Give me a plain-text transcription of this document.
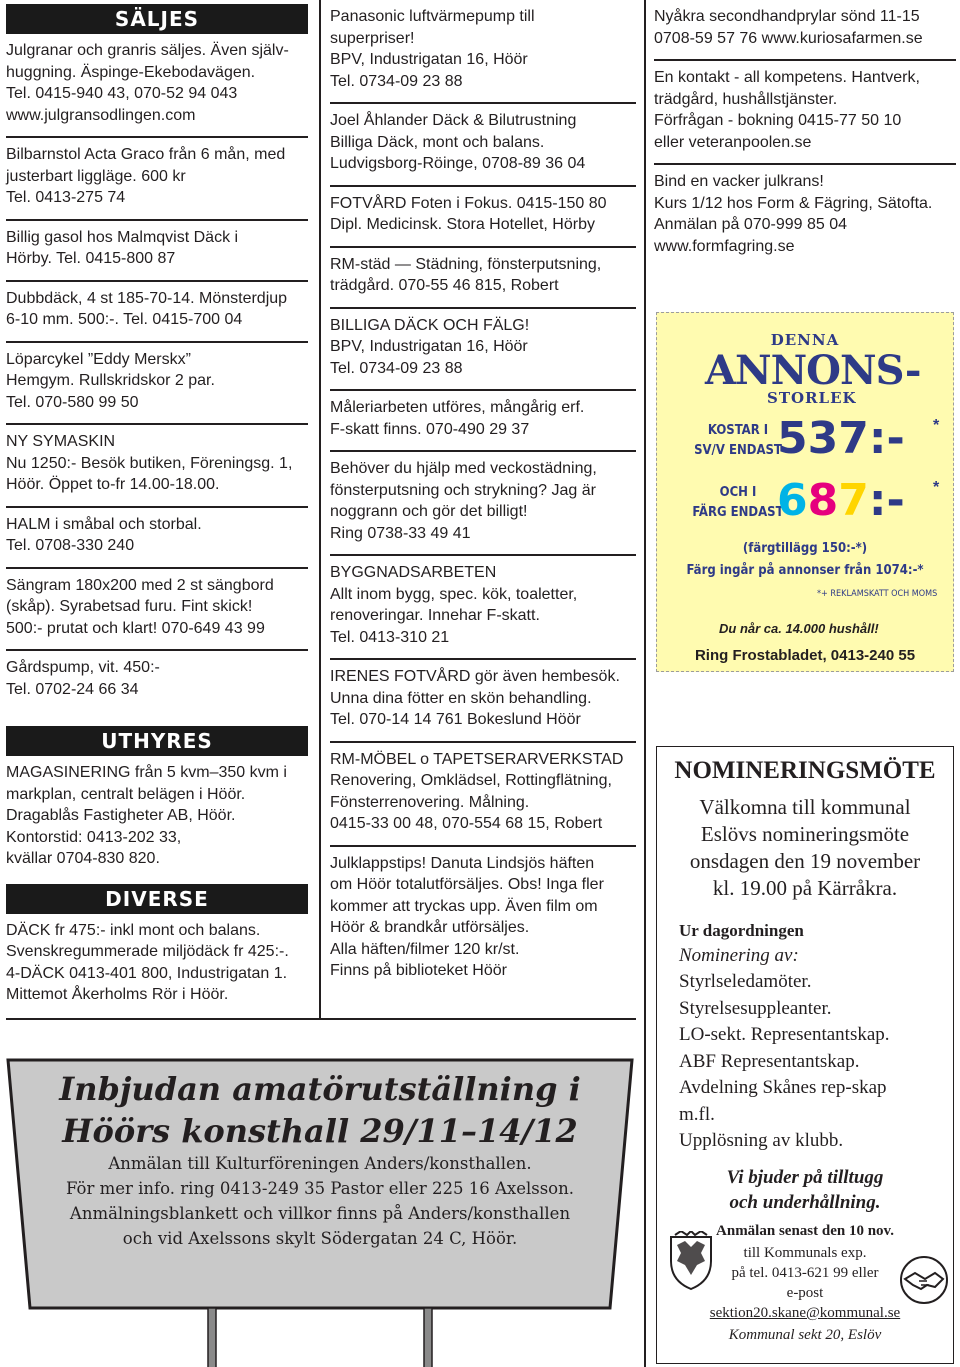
SÄLJES
Julgranar och granris säljes. Även själv-
huggning. Äspinge-Ekebodavägen.
Tel. 0415-940 43, 070-52 94 043
www.julgransodlingen.com
Bilbarnstol Acta Graco från 6 mån, med
justerbart liggläge. 600 kr
Tel. 0413-275 74
Billig gasol hos Malmqvist Däck i
Hörby. Tel. 0415-800 87
Dubbdäck, 4 st 185-70-14. Mönsterdjup
6-10 mm. 500:-. Tel. 0415-700 04
Löparcykel ”Eddy Merskx”
Hemgym. Rullskridskor 2 par.
Tel. 070-580 99 50
NY SYMASKIN
Nu 1250:- Besök butiken, Föreningsg. 1,
Höör. Öppet to-fr 14.00-18.00.
HALM i småbal och storbal.
Tel. 0708-330 240
Sängram 180x200 med 2 st sängbord
(skåp). Syrabetsad furu. Fint skick!
500:- prutat och klart! 070-649 43 99
Gårdspump, vit. 450:-
Tel. 0702-24 66 34
UTHYRES
MAGASINERING från 5 kvm–350 kvm i
markplan, centralt belägen i Höör.
Dragablås Fastigheter AB, Höör.
Kontorstid: 0413-202 33,
kvällar 0704-830 820.
DIVERSE
DÄCK fr 475:- inkl mont och balans.
Svenskregummerade miljödäck fr 425:-.
4-DÄCK 0413-401 800, Industrigatan 1.
Mittemot Åkerholms Rör i Höör.
Panasonic luftvärmepump till
superpriser!
BPV, Industrigatan 16, Höör
Tel. 0734-09 23 88
Joel Åhlander Däck & Bilutrustning
Billiga Däck, mont och balans.
Ludvigsborg-Röinge, 0708-89 36 04
FOTVÅRD Foten i Fokus. 0415-150 80
Dipl. Medicinsk. Stora Hotellet, Hörby
RM-städ — Städning, fönsterputsning,
trädgård. 070-55 46 815, Robert
BILLIGA DÄCK OCH FÄLG!
BPV, Industrigatan 16, Höör
Tel. 0734-09 23 88
Måleriarbeten utföres, mångårig erf.
F-skatt finns. 070-490 29 37
Behöver du hjälp med veckostädning,
fönsterputsning och strykning? Jag är
noggrann och gör det billigt!
Ring 0738-33 49 41
BYGGNADSARBETEN
Allt inom bygg, spec. kök, toaletter,
renoveringar. Innehar F-skatt.
Tel. 0413-310 21
IRENES FOTVÅRD gör även hembesök.
Unna dina fötter en skön behandling.
Tel. 070-14 14 761 Bokeslund Höör
RM-MÖBEL o TAPETSERARVERKSTAD
Renovering, Omklädsel, Rottingflätning,
Fönsterrenovering. Målning.
0415-33 00 48, 070-554 68 15, Robert
Julklappstips! Danuta Lindsjös häften
om Höör totalutförsäljes. Obs! Inga fler
kommer att tryckas upp. Även film om
Höör & brandkår utförsäljes.
Alla häften/filmer 120 kr/st.
Finns på biblioteket Höör
Nyåkra secondhandprylar sönd 11-15
0708-59 57 76 www.kuriosafarmen.se
En kontakt - all kompetens. Hantverk,
trädgård, hushållstjänster.
Förfrågan - bokning 0415-77 50 10
eller veteranpoolen.se
Bind en vacker julkrans!
Kurs 1/12 hos Form & Fägring, Sätofta.
Anmälan på 070-999 85 04
www.formfagring.se
DENNA
ANNONS-
STORLEK
KOSTAR I
SV/V ENDAST
537:- *
OCH I
FÄRG ENDAST
687:- *
(färgtillägg 150:-*)
Färg ingår på annonser från 1074:-*
*+ REKLAMSKATT OCH MOMS
Du når ca. 14.000 hushåll!
Ring Frostabladet, 0413-240 55
NOMINERINGSMÖTE
Välkomna till kommunal
Eslövs nomineringsmöte
onsdagen den 19 november
kl. 19.00 på Kärråkra.
Ur dagordningen
Nominering av:
Styrlseledamöter.
Styrelsesuppleanter.
LO-sekt. Representantskap.
ABF Representantskap.
Avdelning Skånes rep-skap
m.fl.
Upplösning av klubb.
Vi bjuder på tilltugg
och underhållning.
Anmälan senast den 10 nov.
till Kommunals exp.
på tel. 0413-621 99 eller
e-post
sektion20.skane@kommunal.se
Kommunal sekt 20, Eslöv
Inbjudan amatörutställning i
Höörs konsthall 29/11–14/12
Anmälan till Kulturföreningen Anders/konsthallen.
För mer info. ring 0413-249 35 Pastor eller 225 16 Axelsson.
Anmälningsblankett och villkor finns på Anders/konsthallen
och vid Axelssons skylt Södergatan 24 C, Höör.
